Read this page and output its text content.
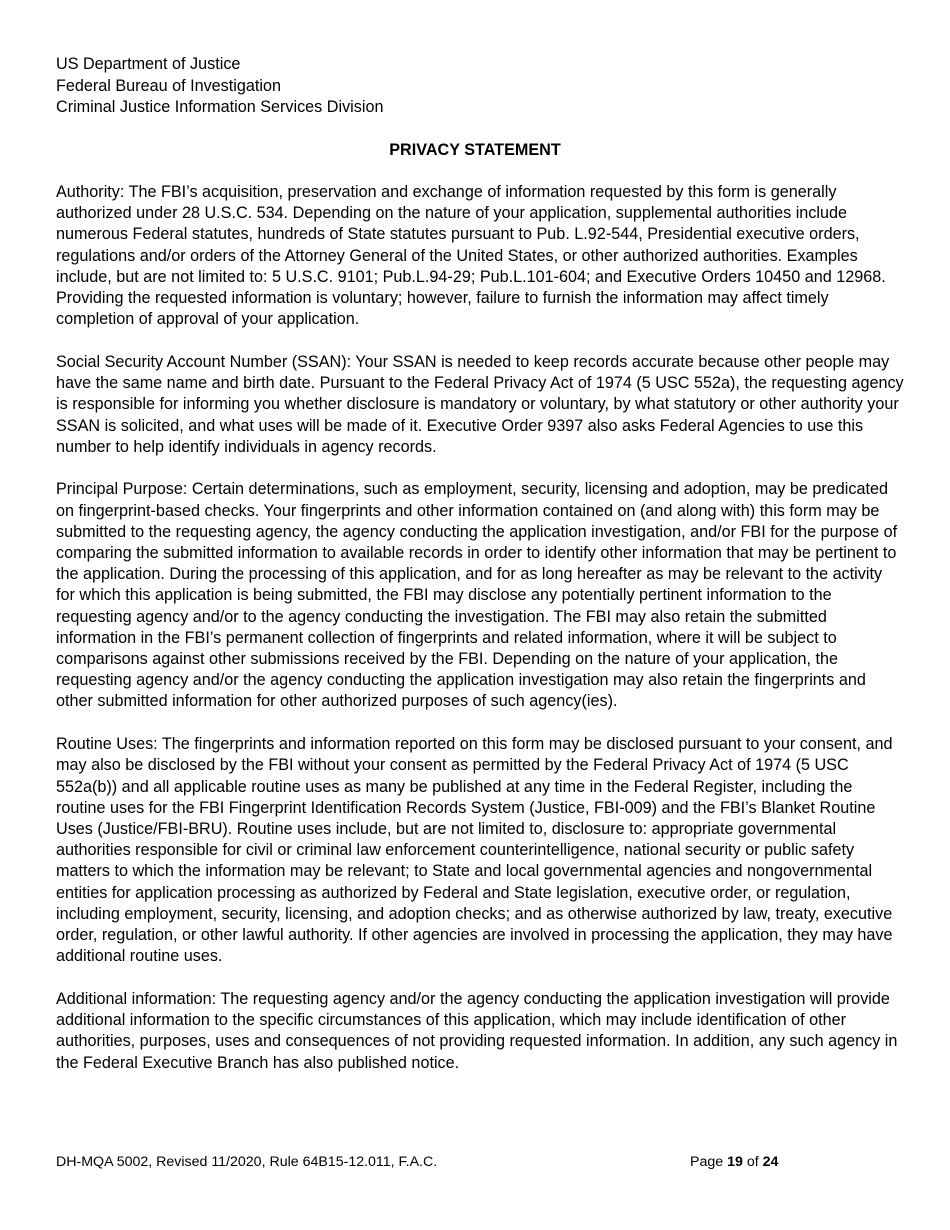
US Department of Justice
Federal Bureau of Investigation
Criminal Justice Information Services Division
PRIVACY STATEMENT

Authority: The FBI’s acquisition, preservation and exchange of information requested by this form is generally authorized under 28 U.S.C. 534. Depending on the nature of your application, supplemental authorities include numerous Federal statutes, hundreds of State statutes pursuant to Pub. L.92-544, Presidential executive orders, regulations and/or orders of the Attorney General of the United States, or other authorized authorities. Examples include, but are not limited to: 5 U.S.C. 9101; Pub.L.94-29; Pub.L.101-604; and Executive Orders 10450 and 12968. Providing the requested information is voluntary; however, failure to furnish the information may affect timely completion of approval of your application.

Social Security Account Number (SSAN): Your SSAN is needed to keep records accurate because other people may have the same name and birth date. Pursuant to the Federal Privacy Act of 1974 (5 USC 552a), the requesting agency is responsible for informing you whether disclosure is mandatory or voluntary, by what statutory or other authority your SSAN is solicited, and what uses will be made of it. Executive Order 9397 also asks Federal Agencies to use this number to help identify individuals in agency records.

Principal Purpose: Certain determinations, such as employment, security, licensing and adoption, may be predicated on fingerprint-based checks. Your fingerprints and other information contained on (and along with) this form may be submitted to the requesting agency, the agency conducting the application investigation, and/or FBI for the purpose of comparing the submitted information to available records in order to identify other information that may be pertinent to the application. During the processing of this application, and for as long hereafter as may be relevant to the activity for which this application is being submitted, the FBI may disclose any potentially pertinent information to the requesting agency and/or to the agency conducting the investigation. The FBI may also retain the submitted information in the FBI’s permanent collection of fingerprints and related information, where it will be subject to comparisons against other submissions received by the FBI. Depending on the nature of your application, the requesting agency and/or the agency conducting the application investigation may also retain the fingerprints and other submitted information for other authorized purposes of such agency(ies).

Routine Uses: The fingerprints and information reported on this form may be disclosed pursuant to your consent, and may also be disclosed by the FBI without your consent as permitted by the Federal Privacy Act of 1974 (5 USC 552a(b)) and all applicable routine uses as many be published at any time in the Federal Register, including the routine uses for the FBI Fingerprint Identification Records System (Justice, FBI-009) and the FBI’s Blanket Routine Uses (Justice/FBI-BRU). Routine uses include, but are not limited to, disclosure to: appropriate governmental authorities responsible for civil or criminal law enforcement counterintelligence, national security or public safety matters to which the information may be relevant; to State and local governmental agencies and nongovernmental entities for application processing as authorized by Federal and State legislation, executive order, or regulation, including employment, security, licensing, and adoption checks; and as otherwise authorized by law, treaty, executive order, regulation, or other lawful authority. If other agencies are involved in processing the application, they may have additional routine uses.

Additional information: The requesting agency and/or the agency conducting the application investigation will provide additional information to the specific circumstances of this application, which may include identification of other authorities, purposes, uses and consequences of not providing requested information. In addition, any such agency in the Federal Executive Branch has also published notice.

DH-MQA 5002, Revised 11/2020, Rule 64B15-12.011, F.A.C.	Page 19 of 24
